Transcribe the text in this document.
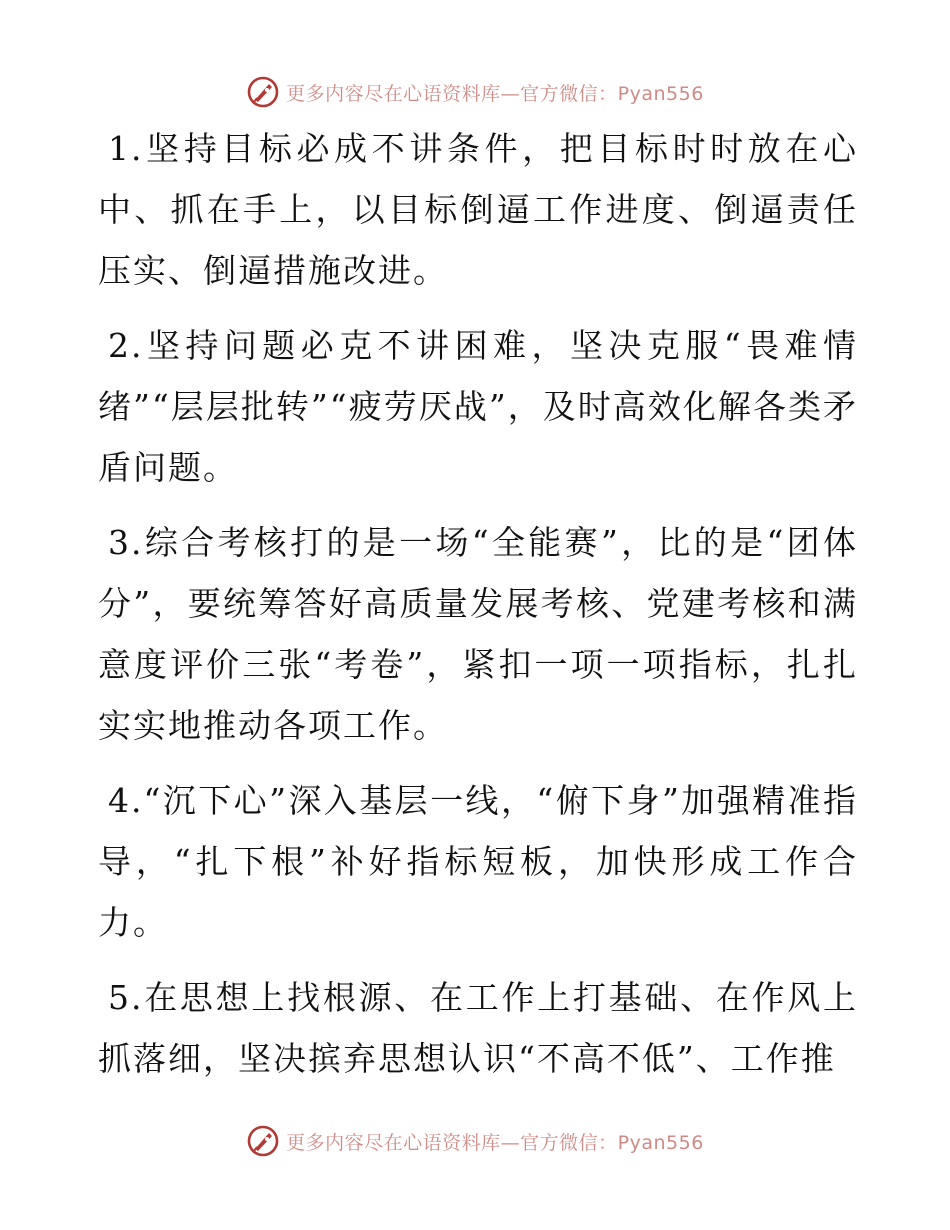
更多内容尽在心语资料库—官方微信：Pyan556

1.坚持目标必成不讲条件，把目标时时放在心中、抓在手上，以目标倒逼工作进度、倒逼责任压实、倒逼措施改进。

2.坚持问题必克不讲困难，坚决克服“畏难情绪”“层层批转”“疲劳厌战”，及时高效化解各类矛盾问题。

3.综合考核打的是一场“全能赛”，比的是“团体分”，要统筹答好高质量发展考核、党建考核和满意度评价三张“考卷”，紧扣一项一项指标，扎扎实实地推动各项工作。

4.“沉下心”深入基层一线，“俯下身”加强精准指导，“扎下根”补好指标短板，加快形成工作合力。

5.在思想上找根源、在工作上打基础、在作风上抓落细，坚决摈弃思想认识“不高不低”、工作推

更多内容尽在心语资料库—官方微信：Pyan556
